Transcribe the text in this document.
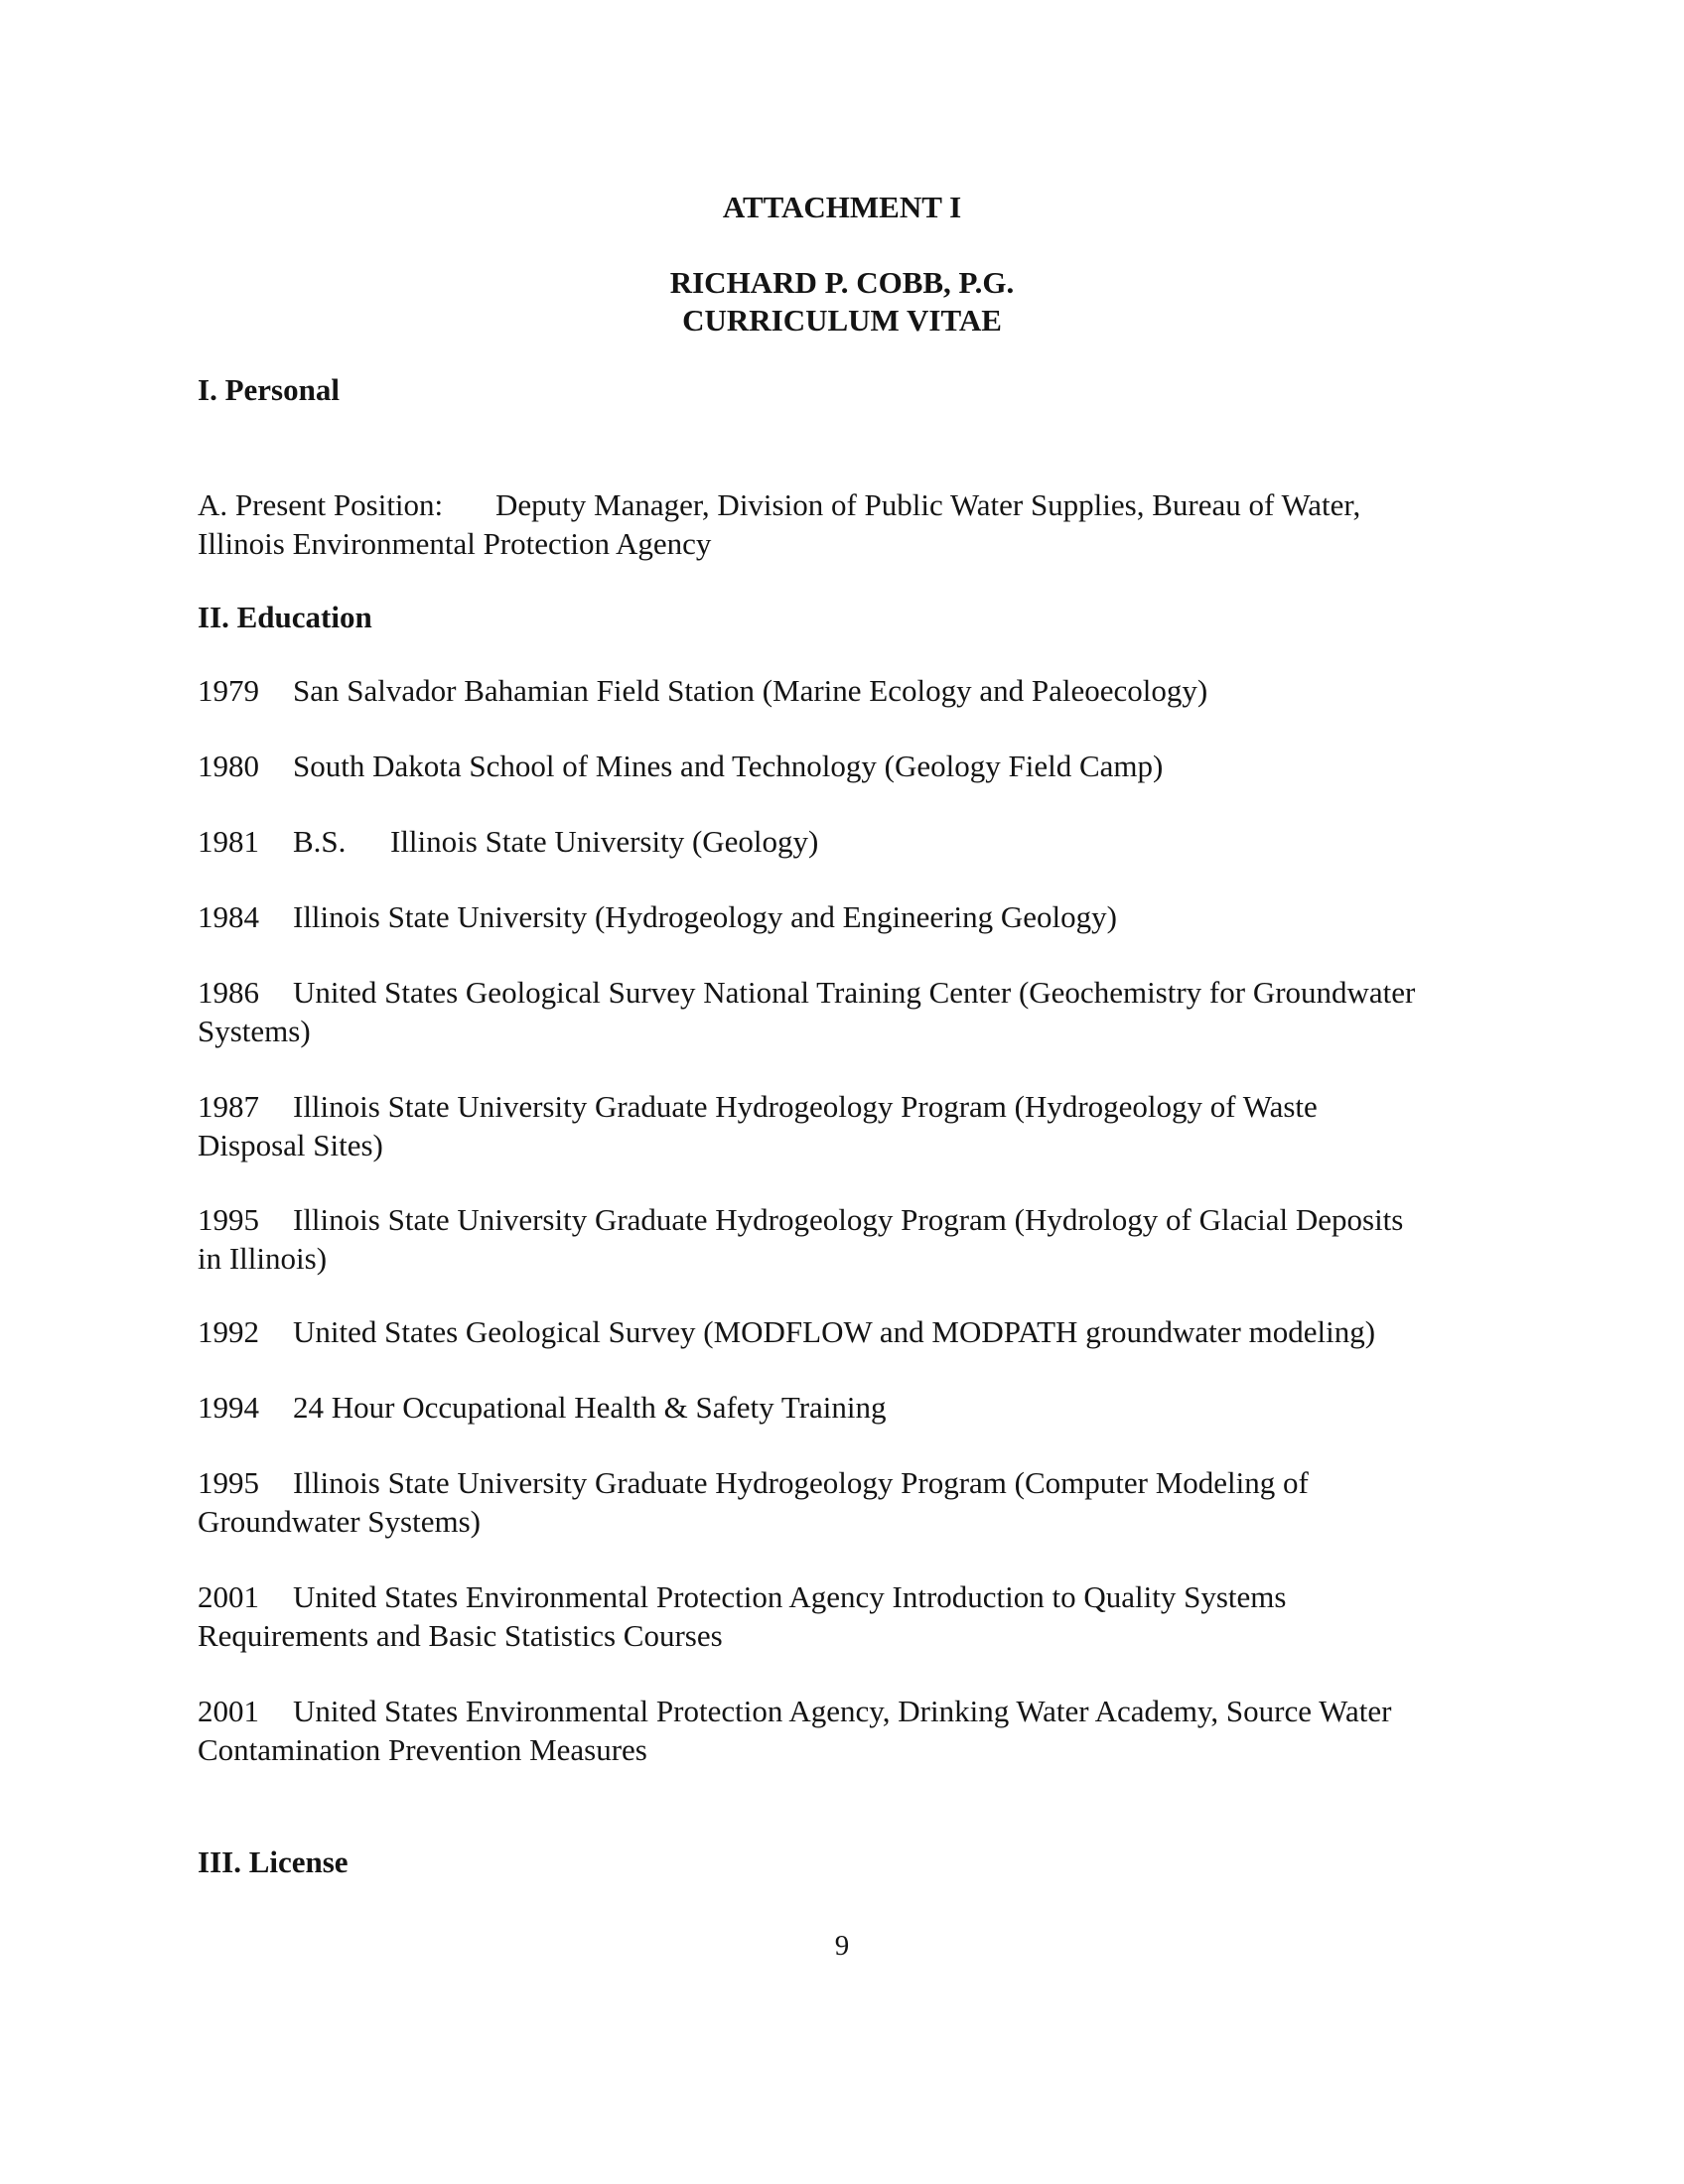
ATTACHMENT I
RICHARD P. COBB, P.G.
CURRICULUM VITAE
I. Personal
A. Present Position: Deputy Manager, Division of Public Water Supplies, Bureau of Water,
Illinois Environmental Protection Agency
II. Education
1979 San Salvador Bahamian Field Station (Marine Ecology and Paleoecology)
1980 South Dakota School of Mines and Technology (Geology Field Camp)
1981 B.S. Illinois State University (Geology)
1984 Illinois State University (Hydrogeology and Engineering Geology)
1986 United States Geological Survey National Training Center (Geochemistry for Groundwater
Systems)
1987 Illinois State University Graduate Hydrogeology Program (Hydrogeology of Waste
Disposal Sites)
1995 Illinois State University Graduate Hydrogeology Program (Hydrology of Glacial Deposits
in Illinois)
1992 United States Geological Survey (MODFLOW and MODPATH groundwater modeling)
1994 24 Hour Occupational Health & Safety Training
1995 Illinois State University Graduate Hydrogeology Program (Computer Modeling of
Groundwater Systems)
2001 United States Environmental Protection Agency Introduction to Quality Systems
Requirements and Basic Statistics Courses
2001 United States Environmental Protection Agency, Drinking Water Academy, Source Water
Contamination Prevention Measures
III. License
9
